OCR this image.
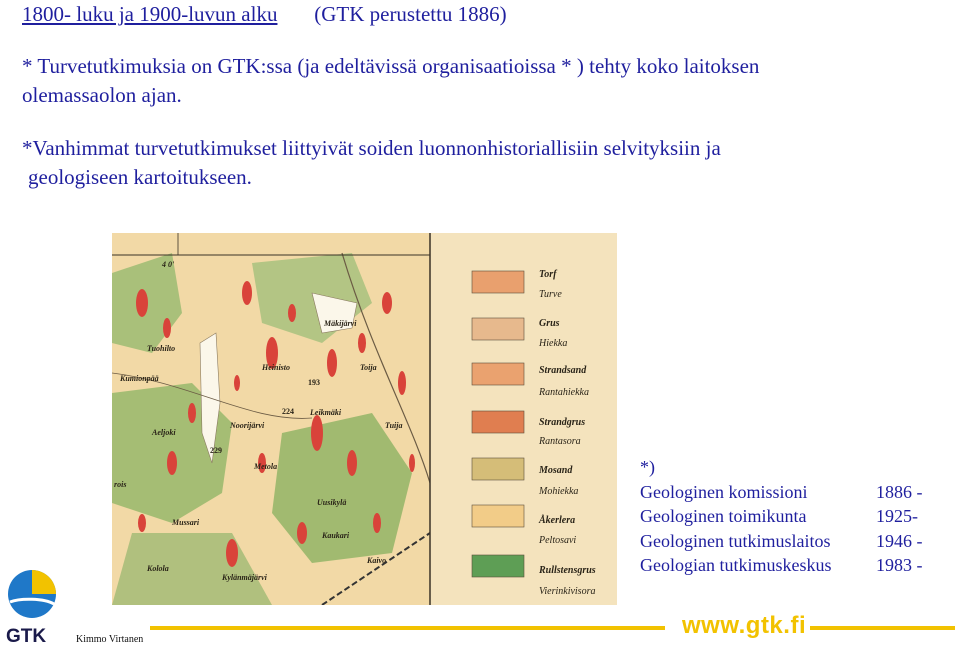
1800- luku ja 1900-luvun alku (GTK perustettu 1886)
* Turvetutkimuksia on GTK:ssa (ja edeltävissä organisaatioissa * ) tehty koko laitoksen
olemassaolon ajan.
*Vanhimmat turvetutkimukset liittyivät soiden luonnonhistoriallisiin selvityksiin ja
geologiseen kartoitukseen.
4 0'
Tuohilto
Kumionpää
Aeljoki
Mussari
Kolola
Kylänmäjärvi
Heinisto	Toija
Leikmäki
Noorijärvi
Metola
Uusikylä
Kaukari
Kaivo
Mäkijärvi
Tuija
rois
193
224
229
Torf
Turve
Grus
Hiekka
Strandsand
Rantahiekka
Strandgrus
Rantasora
Mosand
Mohiekka
Åkerlera
Peltosavi
Rullstensgrus
Vierinkivisora
*)
Geologinen komissioni	1886 -
Geologinen toimikunta	1925-
Geologinen tutkimuslaitos	1946 -
Geologian tutkimuskeskus	1983 -
GTK	Kimmo Virtanen
www.gtk.fi
